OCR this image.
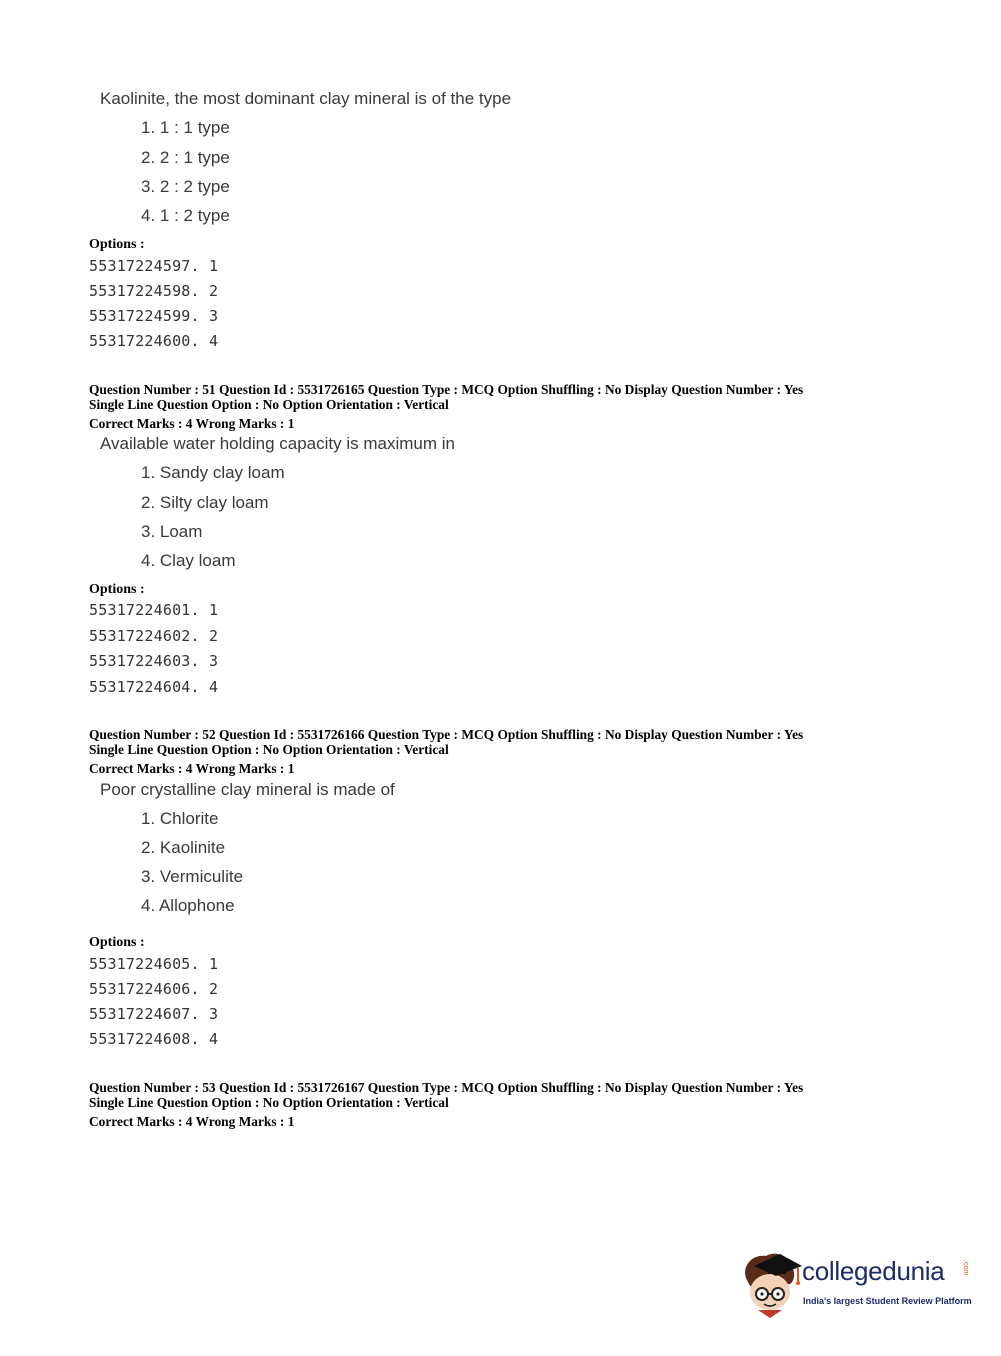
Kaolinite, the most dominant clay mineral is of the type
1. 1 : 1 type
2. 2 : 1 type
3. 2 : 2 type
4. 1 : 2 type
Options :
55317224597. 1
55317224598. 2
55317224599. 3
55317224600. 4
Question Number : 51 Question Id : 5531726165 Question Type : MCQ Option Shuffling : No Display Question Number : Yes
Single Line Question Option : No Option Orientation : Vertical
Correct Marks : 4 Wrong Marks : 1
Available water holding capacity is maximum in
1. Sandy clay loam
2. Silty clay loam
3. Loam
4. Clay loam
Options :
55317224601. 1
55317224602. 2
55317224603. 3
55317224604. 4
Question Number : 52 Question Id : 5531726166 Question Type : MCQ Option Shuffling : No Display Question Number : Yes
Single Line Question Option : No Option Orientation : Vertical
Correct Marks : 4 Wrong Marks : 1
Poor crystalline clay mineral is made of
1. Chlorite
2. Kaolinite
3. Vermiculite
4. Allophone
Options :
55317224605. 1
55317224606. 2
55317224607. 3
55317224608. 4
Question Number : 53 Question Id : 5531726167 Question Type : MCQ Option Shuffling : No Display Question Number : Yes
Single Line Question Option : No Option Orientation : Vertical
Correct Marks : 4 Wrong Marks : 1
collegedunia	.com
India's largest Student Review Platform
